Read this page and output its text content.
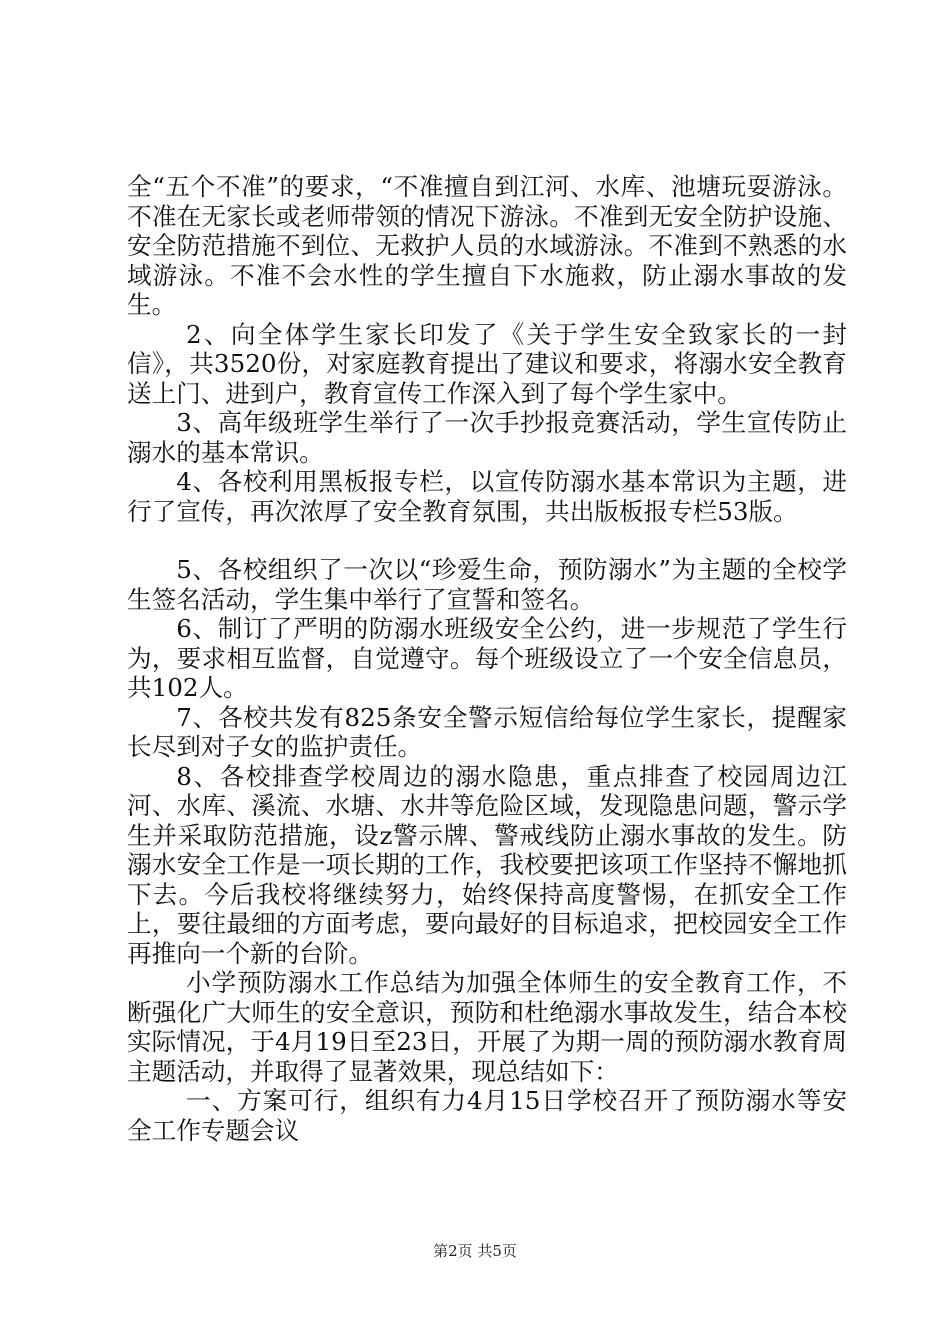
全“五个不准”的要求，“不准擅自到江河、水库、池塘玩耍游泳。不准在无家长或老师带领的情况下游泳。不准到无安全防护设施、安全防范措施不到位、无救护人员的水域游泳。不准到不熟悉的水域游泳。不准不会水性的学生擅自下水施救，防止溺水事故的发生。

2、向全体学生家长印发了《关于学生安全致家长的一封信》，共3520份，对家庭教育提出了建议和要求，将溺水安全教育送上门、进到户，教育宣传工作深入到了每个学生家中。

3、高年级班学生举行了一次手抄报竞赛活动，学生宣传防止溺水的基本常识。

4、各校利用黑板报专栏，以宣传防溺水基本常识为主题，进行了宣传，再次浓厚了安全教育氛围，共出版板报专栏53版。

5、各校组织了一次以“珍爱生命，预防溺水”为主题的全校学生签名活动，学生集中举行了宣誓和签名。

6、制订了严明的防溺水班级安全公约，进一步规范了学生行为，要求相互监督，自觉遵守。每个班级设立了一个安全信息员，共102人。

7、各校共发有825条安全警示短信给每位学生家长，提醒家长尽到对子女的监护责任。

8、各校排查学校周边的溺水隐患，重点排查了校园周边江河、水库、溪流、水塘、水井等危险区域，发现隐患问题，警示学生并采取防范措施，设z警示牌、警戒线防止溺水事故的发生。防溺水安全工作是一项长期的工作，我校要把该项工作坚持不懈地抓下去。今后我校将继续努力，始终保持高度警惕，在抓安全工作上，要往最细的方面考虑，要向最好的目标追求，把校园安全工作再推向一个新的台阶。

小学预防溺水工作总结为加强全体师生的安全教育工作，不断强化广大师生的安全意识，预防和杜绝溺水事故发生，结合本校实际情况，于4月19日至23日，开展了为期一周的预防溺水教育周主题活动，并取得了显著效果，现总结如下：

一、方案可行，组织有力4月15日学校召开了预防溺水等安全工作专题会议

第2页 共5页
